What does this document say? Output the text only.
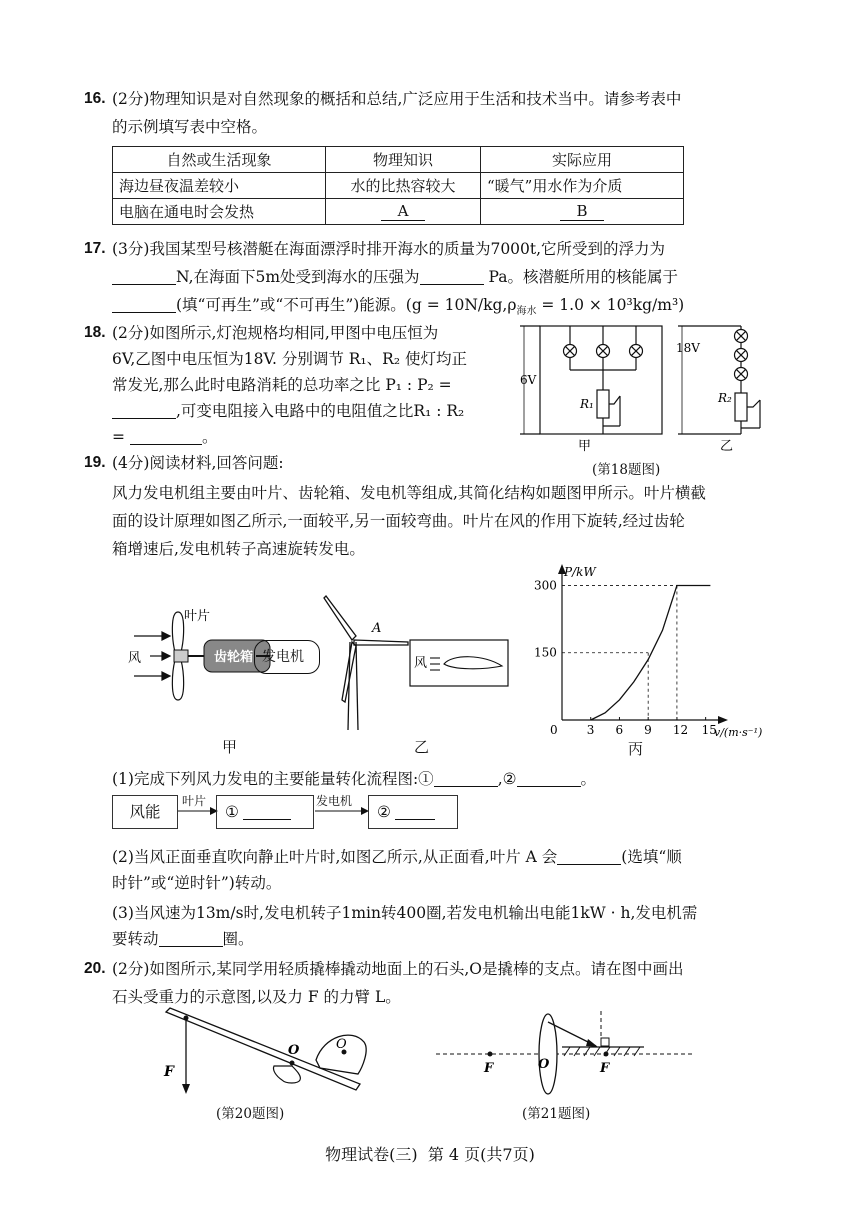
16. (2分)物理知识是对自然现象的概括和总结,广泛应用于生活和技术当中。请参考表中
的示例填写表中空格。
自然或生活现象	物理知识	实际应用
海边昼夜温差较小	水的比热容较大	“暖气”用水作为介质
电脑在通电时会发热	A	B
17. (3分)我国某型号核潜艇在海面漂浮时排开海水的质量为7000t,它所受到的浮力为
N,在海面下5m处受到海水的压强为	Pa。核潜艇所用的核能属于
(填“可再生”或“不可再生”)能源。$(g = 10N/kg,\rho_{海水} = 1.0 \times 10^3kg/m^3)$
18. (2分)如图所示,灯泡规格均相同,甲图中电压恒为
6V,乙图中电压恒为18V. 分别调节 R₁、R₂ 使灯均正
常发光,那么此时电路消耗的总功率之比 P₁ : P₂ =
,可变电阻接入电路中的电阻值之比R₁ : R₂
=	。
6V
R₁
甲
18V
R₂
乙
(第18题图)
19. (4分)阅读材料,回答问题:
风力发电机组主要由叶片、齿轮箱、发电机等组成,其简化结构如题图甲所示。叶片横截
面的设计原理如图乙所示,一面较平,另一面较弯曲。叶片在风的作用下旋转,经过齿轮
箱增速后,发电机转子高速旋转发电。
风
叶片
齿轮箱 发电机
甲
A
风
乙
P/kW
v/(m·s⁻¹)
0 3 6 9 12 15
150
300
丙
(1)完成下列风力发电的主要能量转化流程图:①	,②	。
风能
叶片
①
发电机
②
(2)当风正面垂直吹向静止叶片时,如图乙所示,从正面看,叶片 A 会	(选填“顺
时针”或“逆时针”)转动。
(3)当风速为13m/s时,发电机转子1min转400圈,若发电机输出电能1kW · h,发电机需
要转动	圈。
20. (2分)如图所示,某同学用轻质撬棒撬动地面上的石头,O是撬棒的支点。请在图中画出
石头受重力的示意图,以及力 F 的力臂 L。
F
O	O
(第20题图)
F	O	F
(第21题图)
物理试卷(三)  第 4 页(共7页)
